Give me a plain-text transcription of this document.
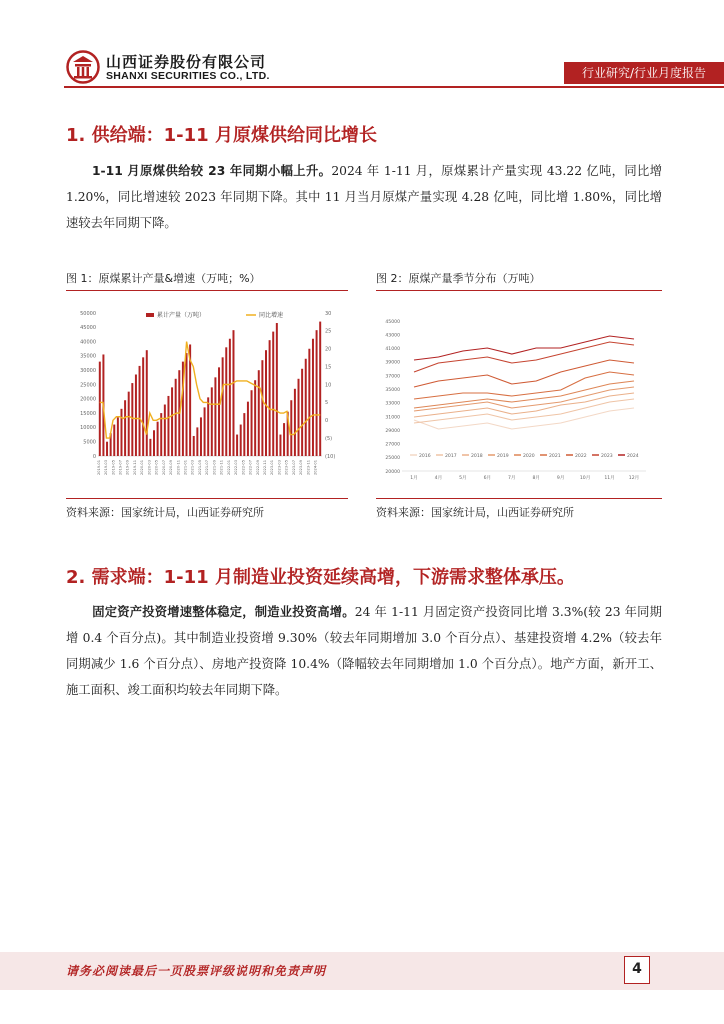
山西证券股份有限公司
SHANXI SECURITIES CO., LTD.	行业研究/行业月度报告
1. 供给端：1-11 月原煤供给同比增长
1-11 月原煤供给较 23 年同期小幅上升。2024 年 1-11 月，原煤累计产量实现 43.22 亿吨，同比增 1.20%，同比增速较 2023 年同期下降。其中 11 月当月原煤产量实现 4.28 亿吨，同比增 1.80%，同比增速较去年同期下降。
图 1：原煤累计产量&增速（万吨；%）
0
5000
10000
15000
20000
25000
30000
35000
40000
45000
50000
(10)
(5)
0
5
10
15
20
25
30
2019-01 2019-03 2019-05 2019-07 2019-09 2019-11 2020-01 2020-03 2020-05 2020-07 2020-09 2020-11 2021-01 2021-03 2021-05 2021-07 2021-09 2021-11 2022-01 2022-03 2022-05 2022-07 2022-09 2022-11 2023-01 2023-03 2023-05 2023-07 2023-09 2023-11 2024-01
累计产量（万吨）	同比增速
资料来源：国家统计局，山西证券研究所
图 2：原煤产量季节分布（万吨）
20000
25000
27000
29000
31000
33000
35000
37000
39000
41000
43000
45000
2016	2017	2018	2019	2020	2021	2022	2023	2024
1月	4月	5月	6月	7月	8月	9月	10月	11月	12月
资料来源：国家统计局，山西证券研究所
2. 需求端：1-11 月制造业投资延续高增，下游需求整体承压。
固定资产投资增速整体稳定，制造业投资高增。24 年 1-11 月固定资产投资同比增 3.3%(较 23 年同期增 0.4 个百分点)。其中制造业投资增 9.30%（较去年同期增加 3.0 个百分点）、基建投资增 4.2%（较去年同期减少 1.6 个百分点）、房地产投资降 10.4%（降幅较去年同期增加 1.0 个百分点）。地产方面，新开工、施工面积、竣工面积均较去年同期下降。
请务必阅读最后一页股票评级说明和免责声明	4
